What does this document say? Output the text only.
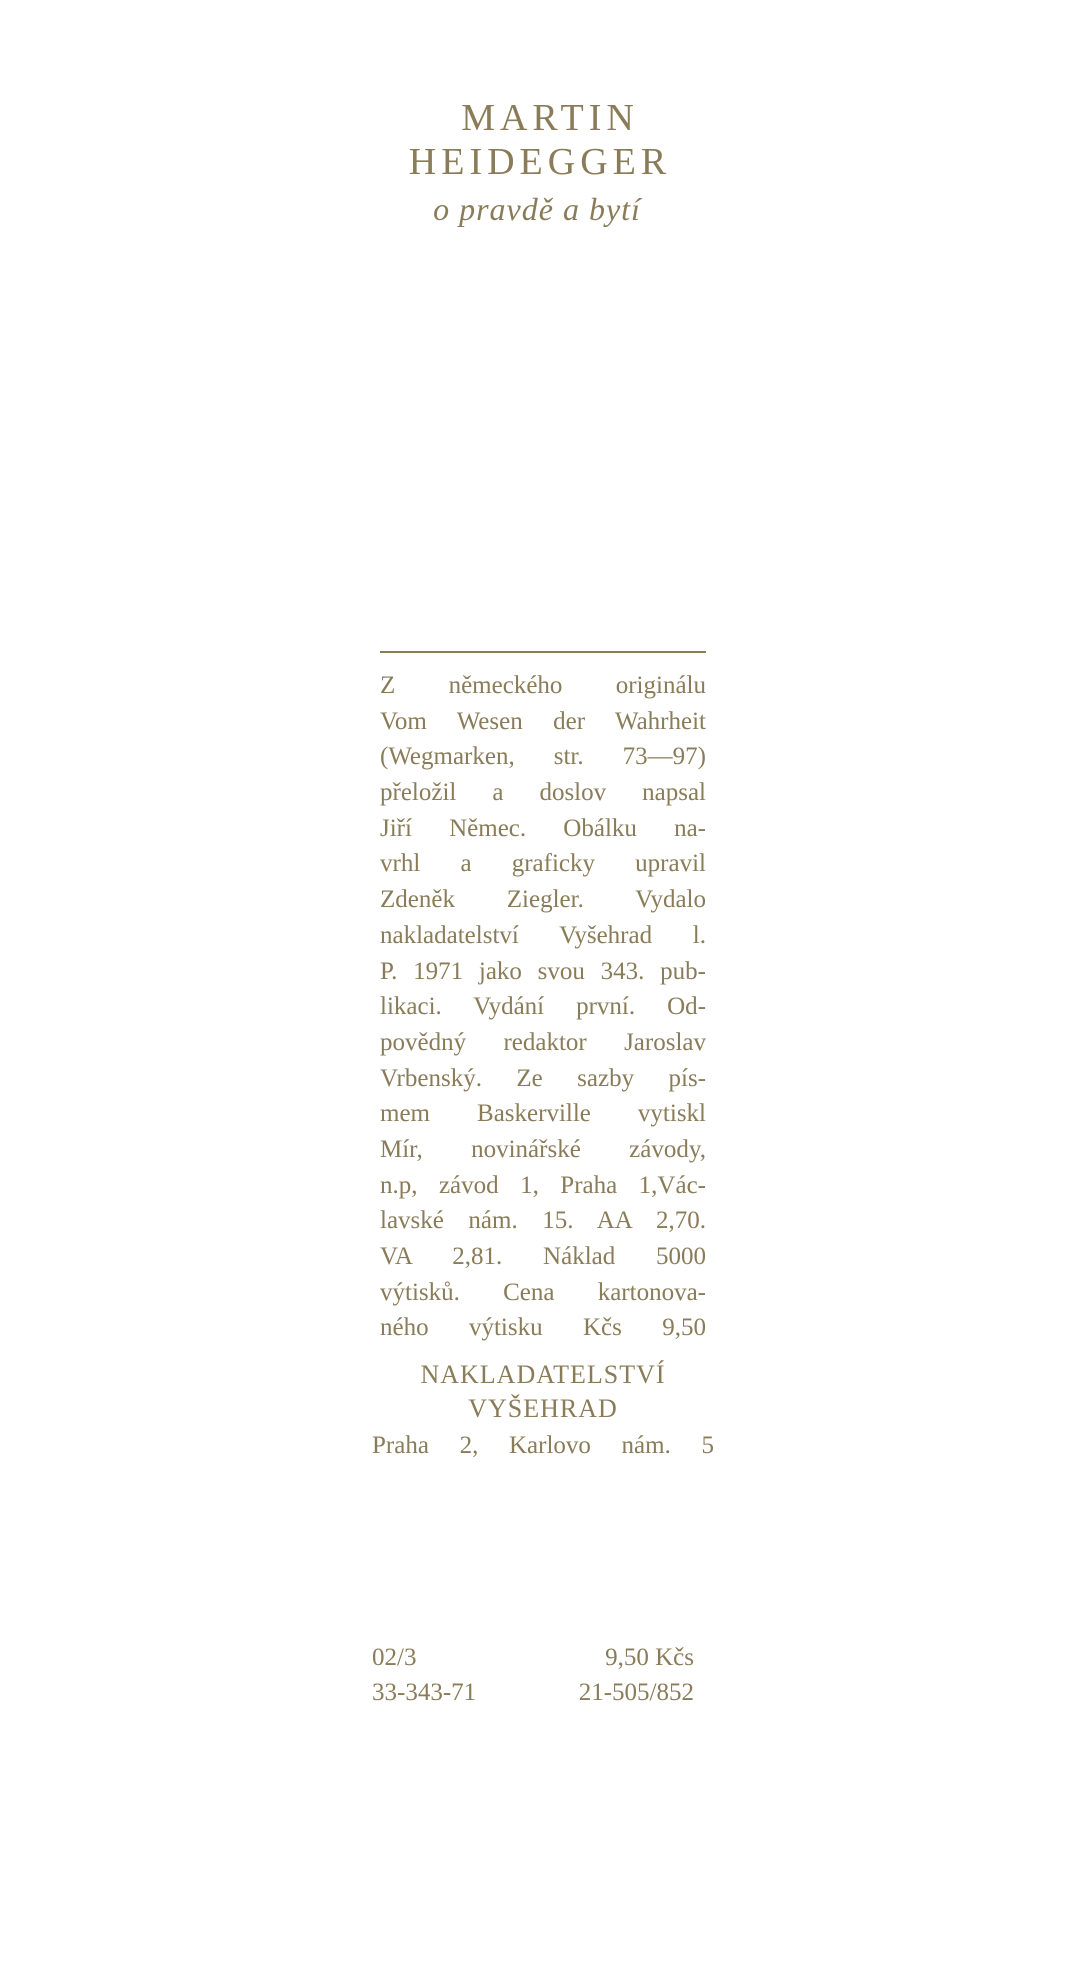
MARTIN
HEIDEGGER
o pravdě a bytí
Z německého originálu
Vom Wesen der Wahrheit
(Wegmarken, str. 73—97)
přeložil a doslov napsal
Jiří Němec. Obálku na-
vrhl a graficky upravil
Zdeněk Ziegler. Vydalo
nakladatelství Vyšehrad l.
P. 1971 jako svou 343. pub-
likaci. Vydání první. Od-
povědný redaktor Jaroslav
Vrbenský. Ze sazby pís-
mem Baskerville vytiskl
Mír, novinářské závody,
n.p, závod 1, Praha 1,Vác-
lavské nám. 15. AA 2,70.
VA 2,81. Náklad 5000
výtisků. Cena kartonova-
ného výtisku Kčs 9,50
NAKLADATELSTVÍ
VYŠEHRAD
Praha 2, Karlovo nám. 5
02/3	9,50 Kčs
33-343-71	21-505/852
